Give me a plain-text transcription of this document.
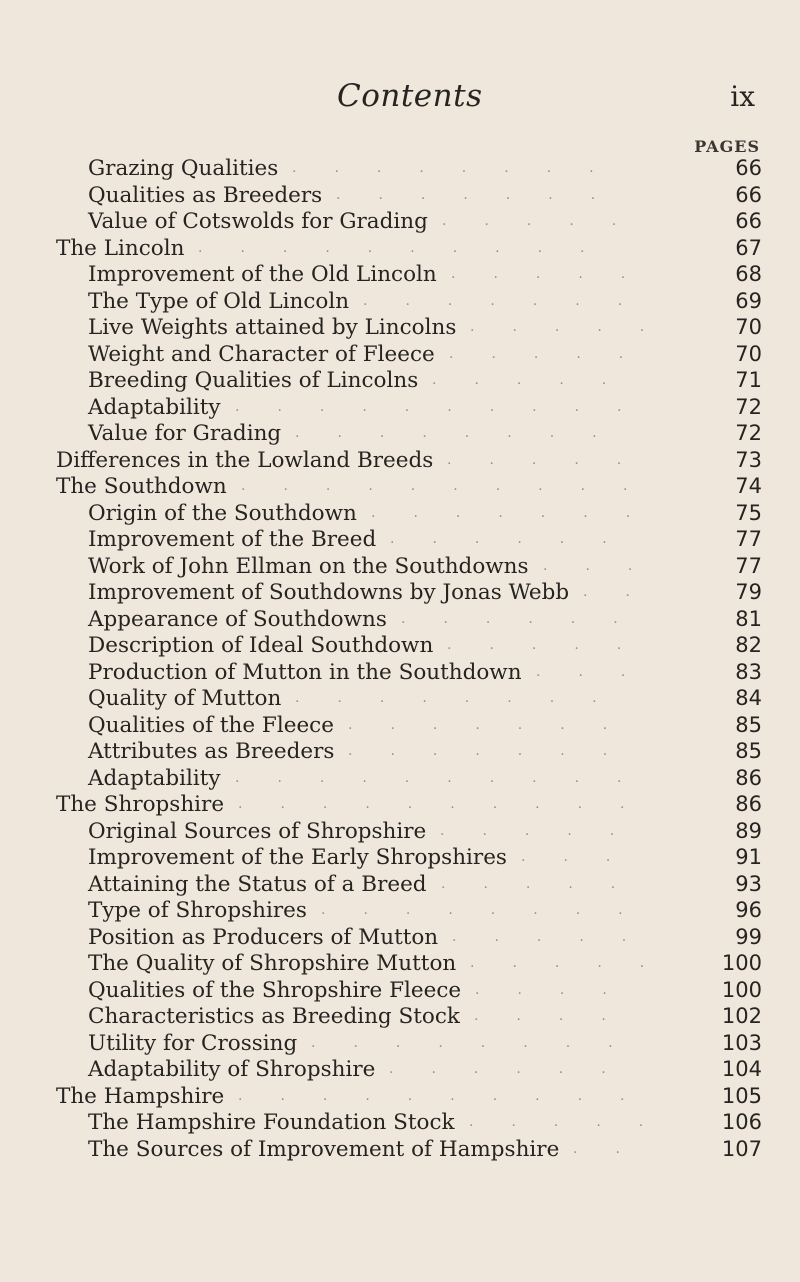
Contents	ix
PAGES
Grazing Qualities ........	66
Qualities as Breeders .......	66
Value of Cotswolds for Grading .....	66
The Lincoln ..........	67
Improvement of the Old Lincoln .....	68
The Type of Old Lincoln .......	69
Live Weights attained by Lincolns .....	70
Weight and Character of Fleece .....	70
Breeding Qualities of Lincolns .....	71
Adaptability ..........	72
Value for Grading ........	72
Differences in the Lowland Breeds .....	73
The Southdown ..........	74
Origin of the Southdown .......	75
Improvement of the Breed ......	77
Work of John Ellman on the Southdowns ...	77
Improvement of Southdowns by Jonas Webb ..	79
Appearance of Southdowns ......	81
Description of Ideal Southdown .....	82
Production of Mutton in the Southdown ...	83
Quality of Mutton ........	84
Qualities of the Fleece .......	85
Attributes as Breeders .......	85
Adaptability ..........	86
The Shropshire ..........	86
Original Sources of Shropshire .....	89
Improvement of the Early Shropshires ...	91
Attaining the Status of a Breed .....	93
Type of Shropshires ........	96
Position as Producers of Mutton .....	99
The Quality of Shropshire Mutton ..... 100
Qualities of the Shropshire Fleece ....	100
Characteristics as Breeding Stock ....	102
Utility for Crossing ........	103
Adaptability of Shropshire ......	104
The Hampshire ..........	105
The Hampshire Foundation Stock ..... 106
The Sources of Improvement of Hampshire ..	107
